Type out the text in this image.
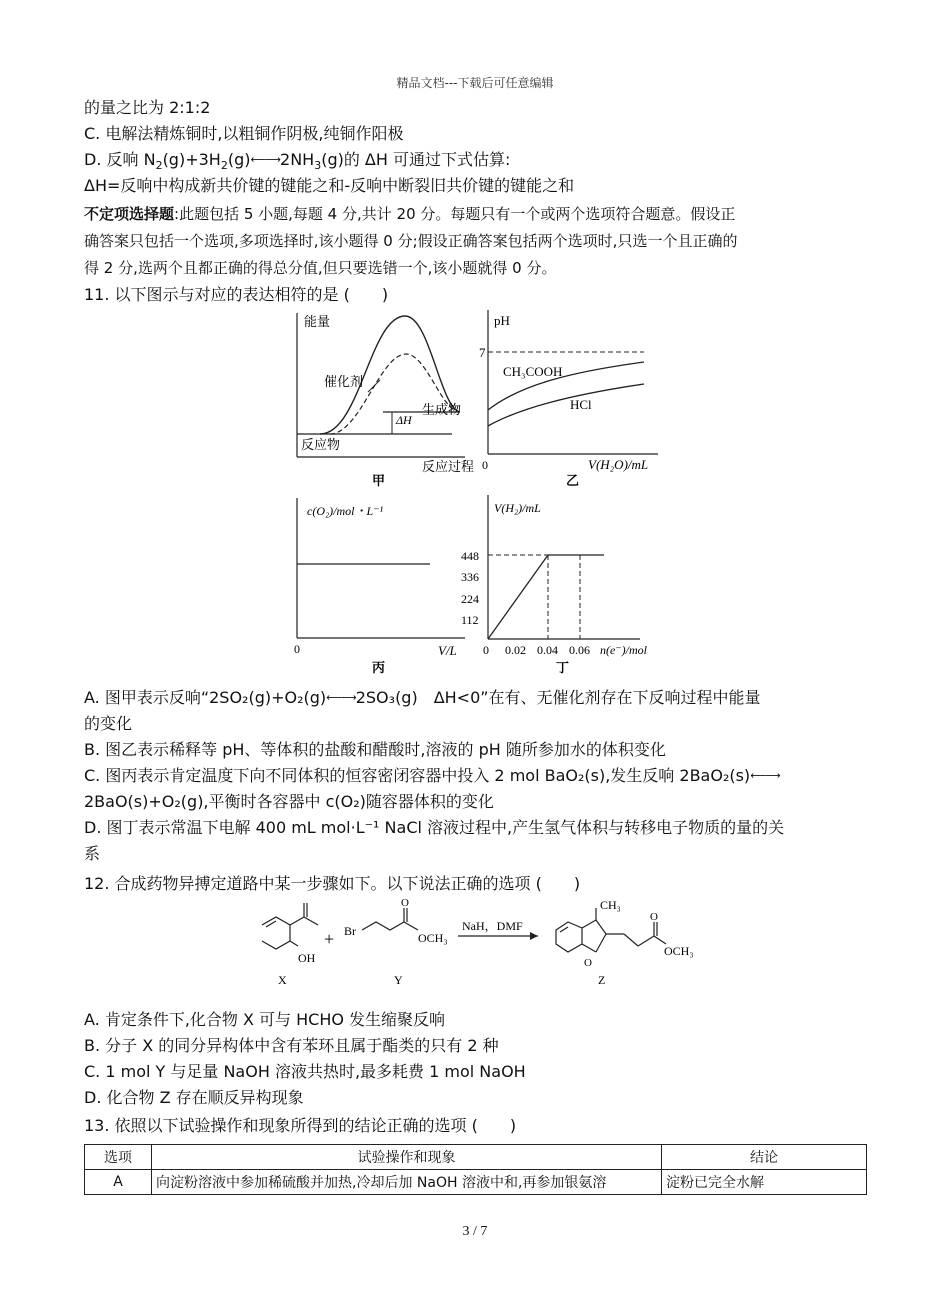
精品文档---下载后可任意编辑
的量之比为 2:1:2
C. 电解法精炼铜时,以粗铜作阴极,纯铜作阳极
D. 反响 $N_2(g)+3H_2(g)⟵⟶2NH_3(g)$的 ΔH 可通过下式估算:
ΔH=反响中构成新共价键的键能之和-反响中断裂旧共价键的键能之和
不定项选择题:此题包括 5 小题,每题 4 分,共计 20 分。每题只有一个或两个选项符合题意。假设正
确答案只包括一个选项,多项选择时,该小题得 0 分;假设正确答案包括两个选项时,只选一个且正确的
得 2 分,选两个且都正确的得总分值,但只要选错一个,该小题就得 0 分。
11. 以下图示与对应的表达相符的是 (　　)
能量
催化剂
ΔH
生成物
反应物
反应过程
甲
pH
7
CH₃COOH
HCl
0	V(H₂O)/mL
乙
c(O₂)/mol・L⁻¹
0	V/L
丙
V(H₂)/mL
448
336
224
112
0 0.02 0.04 0.06 n(e⁻)/mol
丁
A. 图甲表示反响“2SO₂(g)+O₂(g)⟵⟶2SO₃(g)　ΔH<0”在有、无催化剂存在下反响过程中能量
的变化
B. 图乙表示稀释等 pH、等体积的盐酸和醋酸时,溶液的 pH 随所参加水的体积变化
C. 图丙表示肯定温度下向不同体积的恒容密闭容器中投入 2 mol BaO₂(s),发生反响 2BaO₂(s)⟵⟶
2BaO(s)+O₂(g),平衡时各容器中 c(O₂)随容器体积的变化
D. 图丁表示常温下电解 400 mL mol·L⁻¹ NaCl 溶液过程中,产生氢气体积与转移电子物质的量的关
系
12. 合成药物异搏定道路中某一步骤如下。以下说法正确的选项 (　　)
OH
X
+ Br
O
OCH₃
Y
NaH，DMF
CH₃
O
O
OCH₃
Z
A. 肯定条件下,化合物 X 可与 HCHO 发生缩聚反响
B. 分子 X 的同分异构体中含有苯环且属于酯类的只有 2 种
C. 1 mol Y 与足量 NaOH 溶液共热时,最多耗费 1 mol NaOH
D. 化合物 Z 存在顺反异构现象
13. 依照以下试验操作和现象所得到的结论正确的选项 (　　)
选项	试验操作和现象	结论
A	向淀粉溶液中参加稀硫酸并加热,冷却后加 NaOH 溶液中和,再参加银氨溶	淀粉已完全水解
3 / 7
